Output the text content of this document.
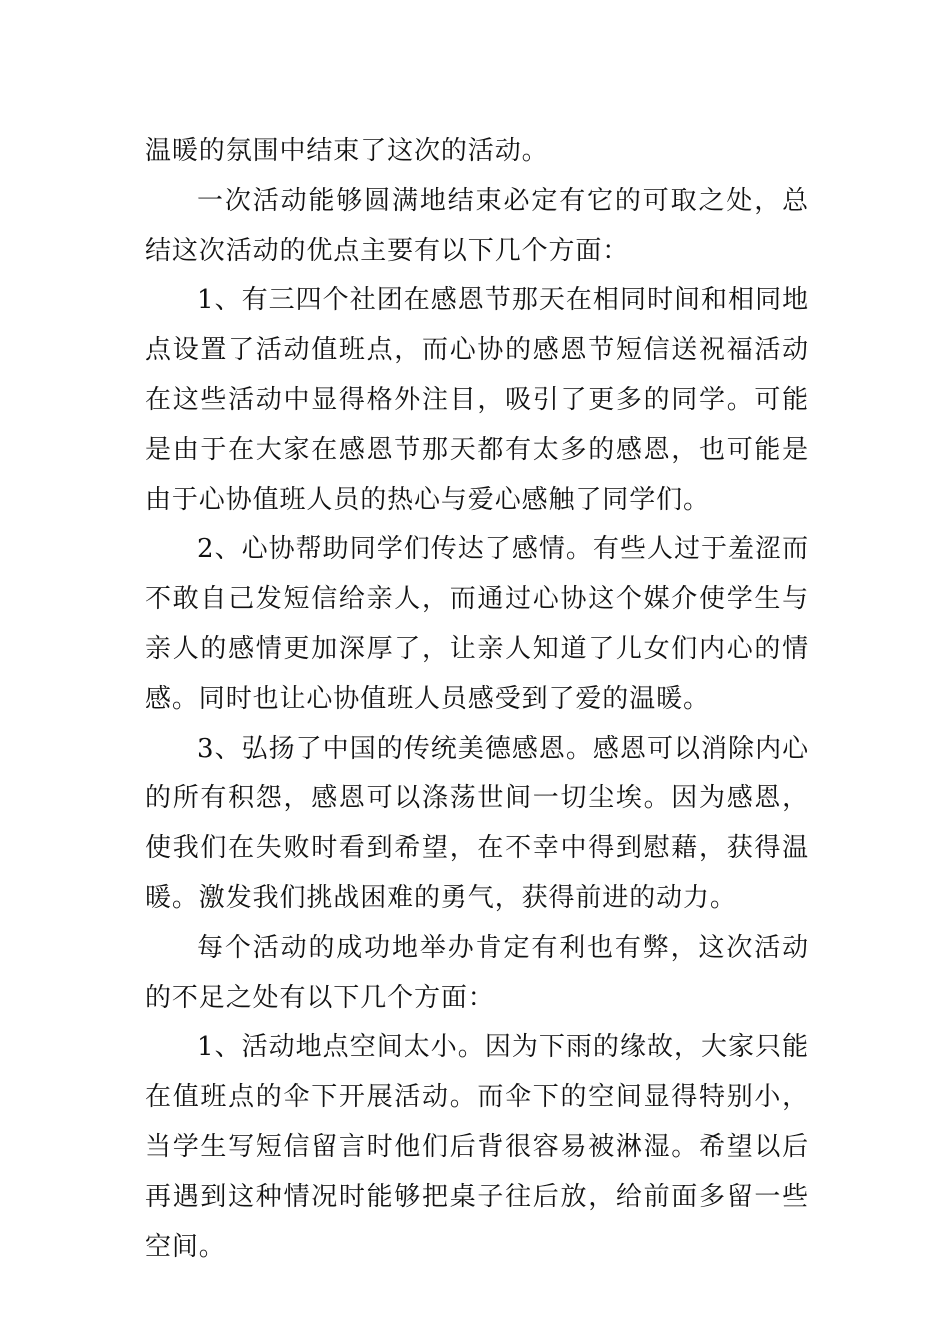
温暖的氛围中结束了这次的活动。

一次活动能够圆满地结束必定有它的可取之处，总结这次活动的优点主要有以下几个方面：

1、有三四个社团在感恩节那天在相同时间和相同地点设置了活动值班点，而心协的感恩节短信送祝福活动在这些活动中显得格外注目，吸引了更多的同学。可能是由于在大家在感恩节那天都有太多的感恩，也可能是由于心协值班人员的热心与爱心感触了同学们。

2、心协帮助同学们传达了感情。有些人过于羞涩而不敢自己发短信给亲人，而通过心协这个媒介使学生与亲人的感情更加深厚了，让亲人知道了儿女们内心的情感。同时也让心协值班人员感受到了爱的温暖。

3、弘扬了中国的传统美德感恩。感恩可以消除内心的所有积怨，感恩可以涤荡世间一切尘埃。因为感恩，使我们在失败时看到希望，在不幸中得到慰藉，获得温暖。激发我们挑战困难的勇气，获得前进的动力。

每个活动的成功地举办肯定有利也有弊，这次活动的不足之处有以下几个方面：

1、活动地点空间太小。因为下雨的缘故，大家只能在值班点的伞下开展活动。而伞下的空间显得特别小，当学生写短信留言时他们后背很容易被淋湿。希望以后再遇到这种情况时能够把桌子往后放，给前面多留一些空间。
